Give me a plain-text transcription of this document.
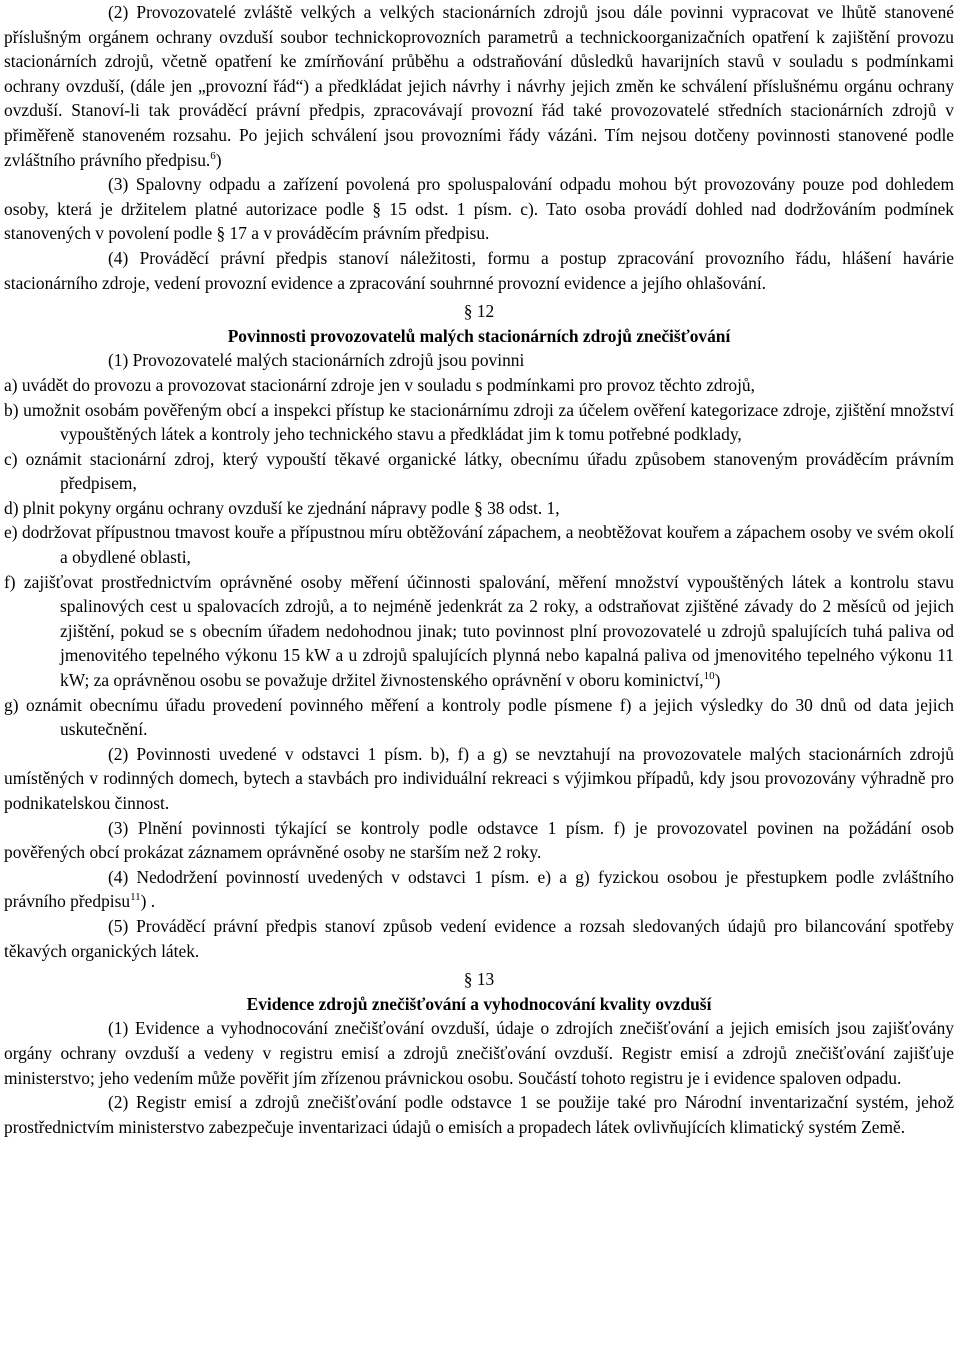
(2) Provozovatelé zvláště velkých a velkých stacionárních zdrojů jsou dále povinni vypracovat ve lhůtě stanovené příslušným orgánem ochrany ovzduší soubor technickoprovozních parametrů a technickoorganizačních opatření k zajištění provozu stacionárních zdrojů, včetně opatření ke zmírňování průběhu a odstraňování důsledků havarijních stavů v souladu s podmínkami ochrany ovzduší, (dále jen „provozní řád“) a předkládat jejich návrhy i návrhy jejich změn ke schválení příslušnému orgánu ochrany ovzduší. Stanoví-li tak prováděcí právní předpis, zpracovávají provozní řád také provozovatelé středních stacionárních zdrojů v přiměřeně stanoveném rozsahu. Po jejich schválení jsou provozními řády vázáni. Tím nejsou dotčeny povinnosti stanovené podle zvláštního právního předpisu.$^6$)

(3) Spalovny odpadu a zařízení povolená pro spoluspalování odpadu mohou být provozovány pouze pod dohledem osoby, která je držitelem platné autorizace podle § 15 odst. 1 písm. c). Tato osoba provádí dohled nad dodržováním podmínek stanovených v povolení podle § 17 a v prováděcím právním předpisu.

(4) Prováděcí právní předpis stanoví náležitosti, formu a postup zpracování provozního řádu, hlášení havárie stacionárního zdroje, vedení provozní evidence a zpracování souhrnné provozní evidence a jejího ohlašování.

§ 12

Povinnosti provozovatelů malých stacionárních zdrojů znečišťování

(1) Provozovatelé malých stacionárních zdrojů jsou povinni

a) uvádět do provozu a provozovat stacionární zdroje jen v souladu s podmínkami pro provoz těchto zdrojů,

b) umožnit osobám pověřeným obcí a inspekci přístup ke stacionárnímu zdroji za účelem ověření kategorizace zdroje, zjištění množství vypouštěných látek a kontroly jeho technického stavu a předkládat jim k tomu potřebné podklady,

c) oznámit stacionární zdroj, který vypouští těkavé organické látky, obecnímu úřadu způsobem stanoveným prováděcím právním předpisem,

d) plnit pokyny orgánu ochrany ovzduší ke zjednání nápravy podle § 38 odst. 1,

e) dodržovat přípustnou tmavost kouře a přípustnou míru obtěžování zápachem, a neobtěžovat kouřem a zápachem osoby ve svém okolí a obydlené oblasti,

f) zajišťovat prostřednictvím oprávněné osoby měření účinnosti spalování, měření množství vypouštěných látek a kontrolu stavu spalinových cest u spalovacích zdrojů, a to nejméně jedenkrát za 2 roky, a odstraňovat zjištěné závady do 2 měsíců od jejich zjištění, pokud se s obecním úřadem nedohodnou jinak; tuto povinnost plní provozovatelé u zdrojů spalujících tuhá paliva od jmenovitého tepelného výkonu 15 kW a u zdrojů spalujících plynná nebo kapalná paliva od jmenovitého tepelného výkonu 11 kW; za oprávněnou osobu se považuje držitel živnostenského oprávnění v oboru kominictví,$^{10}$)

g) oznámit obecnímu úřadu provedení povinného měření a kontroly podle písmene f) a jejich výsledky do 30 dnů od data jejich uskutečnění.

(2) Povinnosti uvedené v odstavci 1 písm. b), f) a g) se nevztahují na provozovatele malých stacionárních zdrojů umístěných v rodinných domech, bytech a stavbách pro individuální rekreaci s výjimkou případů, kdy jsou provozovány výhradně pro podnikatelskou činnost.

(3) Plnění povinnosti týkající se kontroly podle odstavce 1 písm. f) je provozovatel povinen na požádání osob pověřených obcí prokázat záznamem oprávněné osoby ne starším než 2 roky.

(4) Nedodržení povinností uvedených v odstavci 1 písm. e) a g) fyzickou osobou je přestupkem podle zvláštního právního předpisu$^{11}$) .

(5) Prováděcí právní předpis stanoví způsob vedení evidence a rozsah sledovaných údajů pro bilancování spotřeby těkavých organických látek.

§ 13

Evidence zdrojů znečišťování a vyhodnocování kvality ovzduší

(1) Evidence a vyhodnocování znečišťování ovzduší, údaje o zdrojích znečišťování a jejich emisích jsou zajišťovány orgány ochrany ovzduší a vedeny v registru emisí a zdrojů znečišťování ovzduší. Registr emisí a zdrojů znečišťování zajišťuje ministerstvo; jeho vedením může pověřit jím zřízenou právnickou osobu. Součástí tohoto registru je i evidence spaloven odpadu.

(2) Registr emisí a zdrojů znečišťování podle odstavce 1 se použije také pro Národní inventarizační systém, jehož prostřednictvím ministerstvo zabezpečuje inventarizaci údajů o emisích a propadech látek ovlivňujících klimatický systém Země.
